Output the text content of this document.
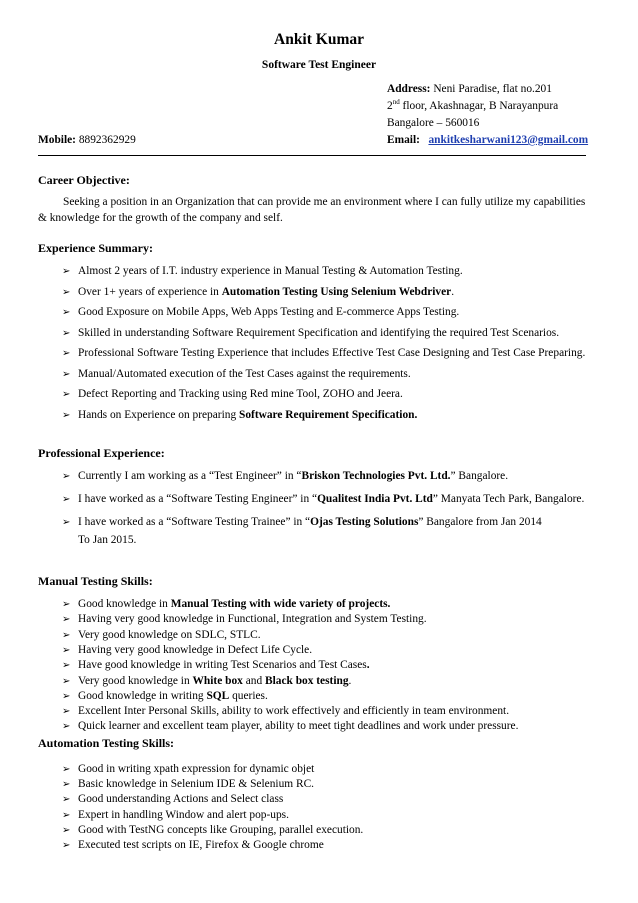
Ankit Kumar
Software Test Engineer
Address: Neni Paradise, flat no.201
2nd floor, Akashnagar, B Narayanpura
Bangalore – 560016
Mobile: 8892362929	Email: ankitkesharwani123@gmail.com
Career Objective:
Seeking a position in an Organization that can provide me an environment where I can fully utilize my capabilities & knowledge for the growth of the company and self.
Experience Summary:
➢ Almost 2 years of I.T. industry experience in Manual Testing & Automation Testing.
➢ Over 1+ years of experience in Automation Testing Using Selenium Webdriver.
➢ Good Exposure on Mobile Apps, Web Apps Testing and E-commerce Apps Testing.
➢ Skilled in understanding Software Requirement Specification and identifying the required Test Scenarios.
➢ Professional Software Testing Experience that includes Effective Test Case Designing and Test Case Preparing.
➢ Manual/Automated execution of the Test Cases against the requirements.
➢ Defect Reporting and Tracking using Red mine Tool, ZOHO and Jeera.
➢ Hands on Experience on preparing Software Requirement Specification.
Professional Experience:
➢ Currently I am working as a “Test Engineer” in “Briskon Technologies Pvt. Ltd.” Bangalore.
➢ I have worked as a “Software Testing Engineer” in “Qualitest India Pvt. Ltd” Manyata Tech Park, Bangalore.
➢ I have worked as a “Software Testing Trainee” in “Ojas Testing Solutions” Bangalore from Jan 2014
To Jan 2015.
Manual Testing Skills:
➢ Good knowledge in Manual Testing with wide variety of projects.
➢ Having very good knowledge in Functional, Integration and System Testing.
➢ Very good knowledge on SDLC, STLC.
➢ Having very good knowledge in Defect Life Cycle.
➢ Have good knowledge in writing Test Scenarios and Test Cases.
➢ Very good knowledge in White box and Black box testing.
➢ Good knowledge in writing SQL queries.
➢ Excellent Inter Personal Skills, ability to work effectively and efficiently in team environment.
➢ Quick learner and excellent team player, ability to meet tight deadlines and work under pressure.
Automation Testing Skills:
➢ Good in writing xpath expression for dynamic objet
➢ Basic knowledge in Selenium IDE & Selenium RC.
➢ Good understanding Actions and Select class
➢ Expert in handling Window and alert pop-ups.
➢ Good with TestNG concepts like Grouping, parallel execution.
➢ Executed test scripts on IE, Firefox & Google chrome
